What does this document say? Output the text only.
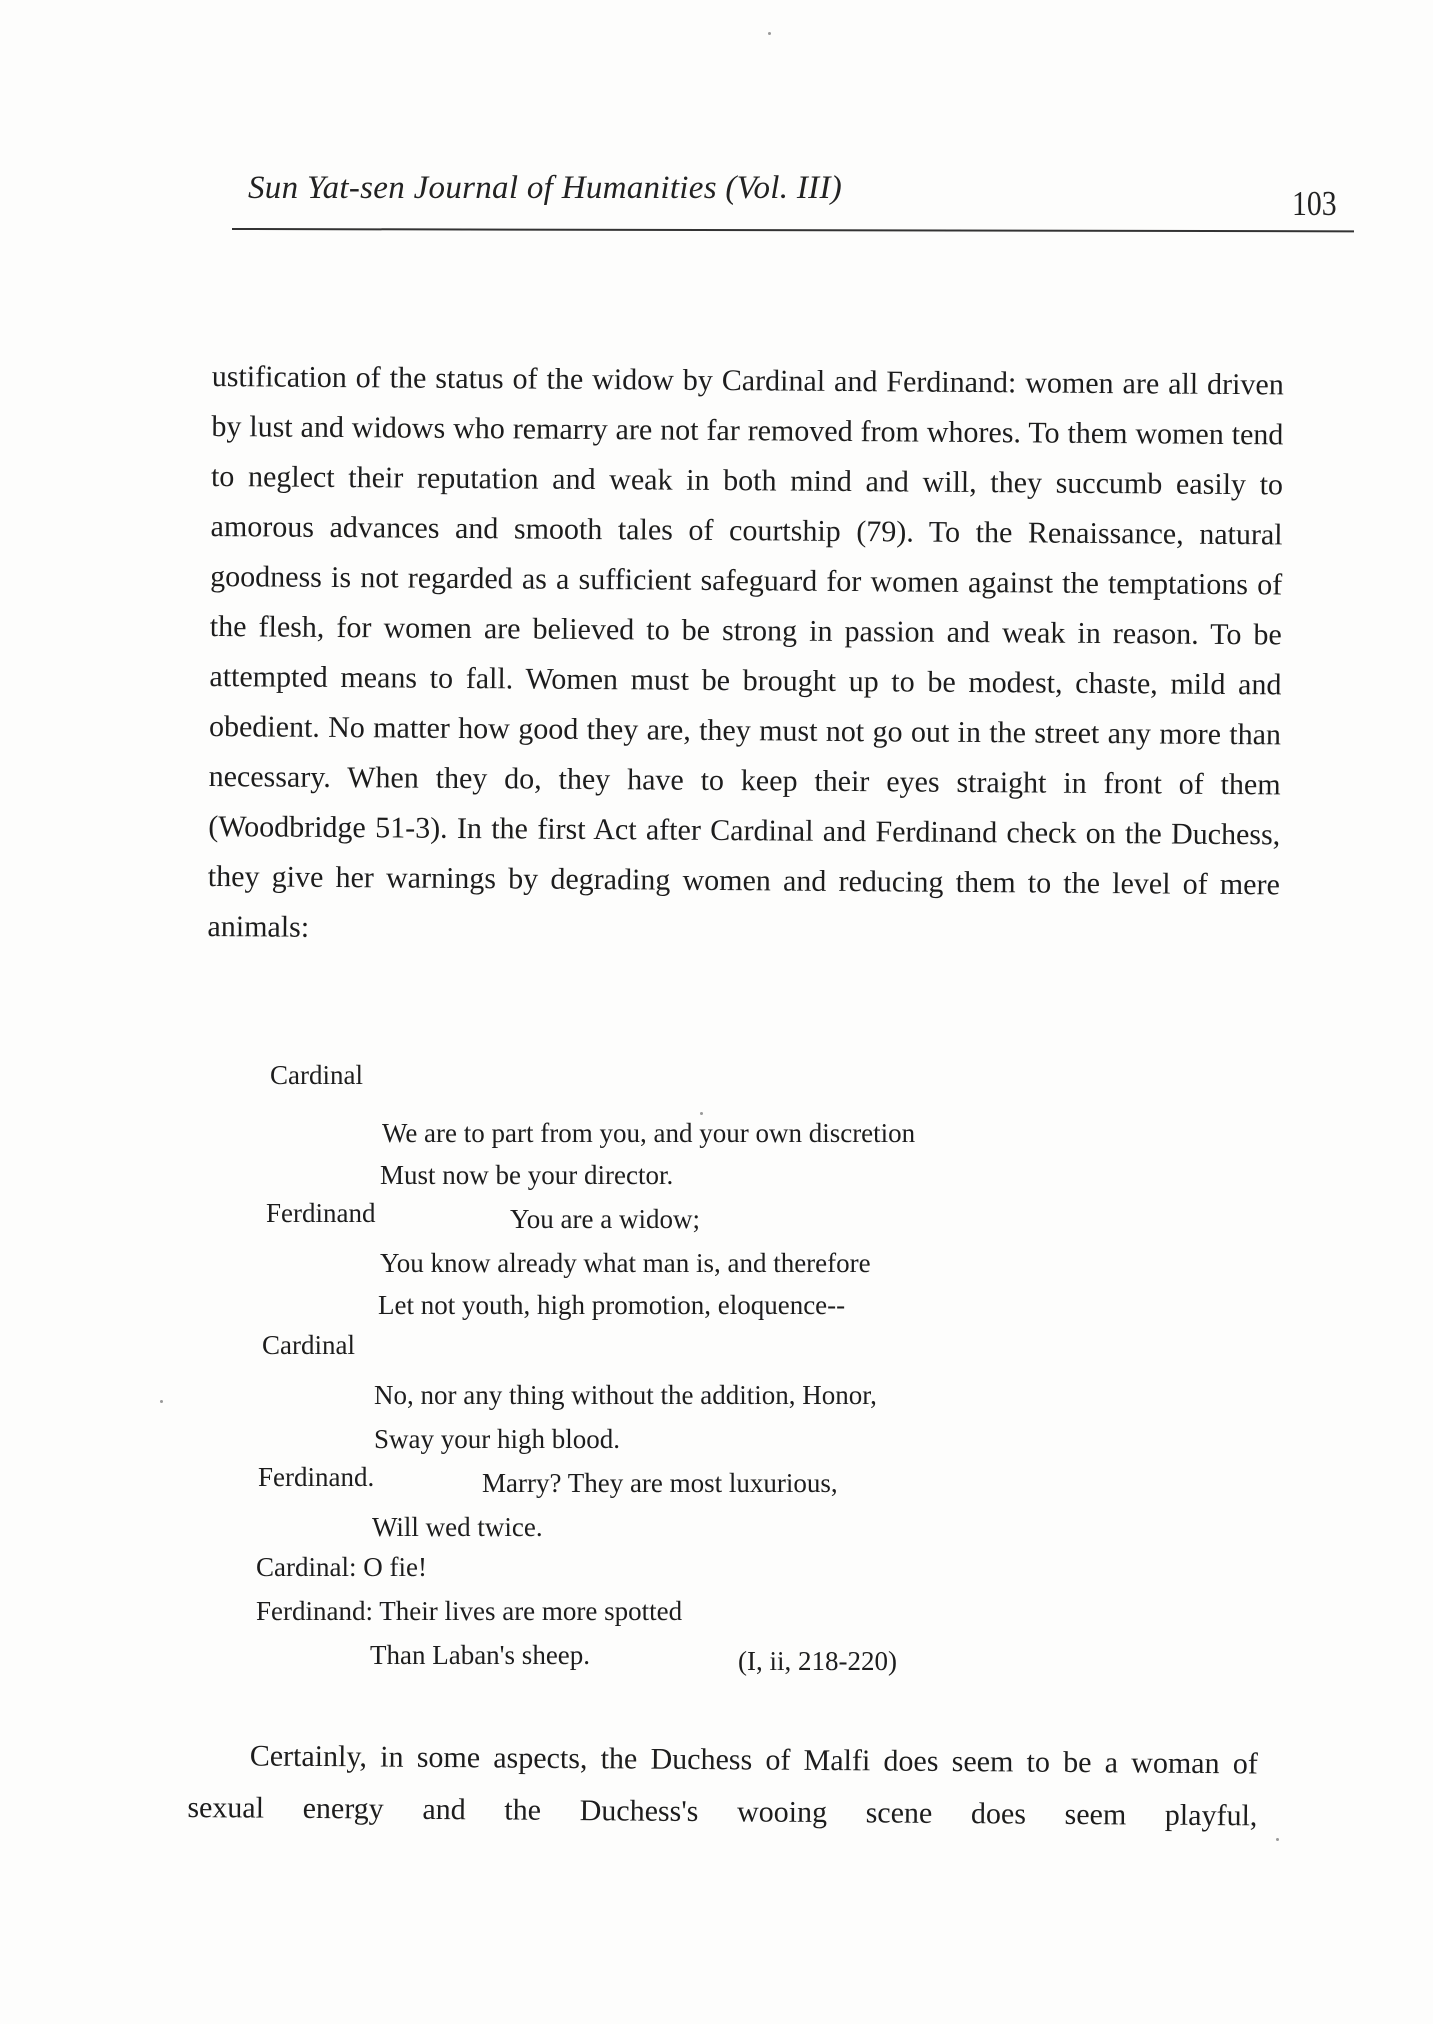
Sun Yat-sen Journal of Humanities (Vol. III)	103
ustification of the status of the widow by Cardinal and Ferdinand: women are all driven by lust and widows who remarry are not far removed from whores. To them women tend to neglect their reputation and weak in both mind and will, they succumb easily to amorous advances and smooth tales of courtship (79). To the Renaissance, natural goodness is not regarded as a sufficient safeguard for women against the temptations of the flesh, for women are believed to be strong in passion and weak in reason. To be attempted means to fall. Women must be brought up to be modest, chaste, mild and obedient. No matter how good they are, they must not go out in the street any more than necessary. When they do, they have to keep their eyes straight in front of them (Woodbridge 51-3). In the first Act after Cardinal and Ferdinand check on the Duchess, they give her warnings by degrading women and reducing them to the level of mere animals:
Cardinal
We are to part from you, and your own discretion
Must now be your director.
Ferdinand	You are a widow;
You know already what man is, and therefore
Let not youth, high promotion, eloquence--
Cardinal
No, nor any thing without the addition, Honor,
Sway your high blood.
Ferdinand.	Marry? They are most luxurious,
Will wed twice.
Cardinal: O fie!
Ferdinand: Their lives are more spotted
Than Laban's sheep.	(I, ii, 218-220)
Certainly, in some aspects, the Duchess of Malfi does seem to be a woman of sexual energy and the Duchess's wooing scene does seem playful,
